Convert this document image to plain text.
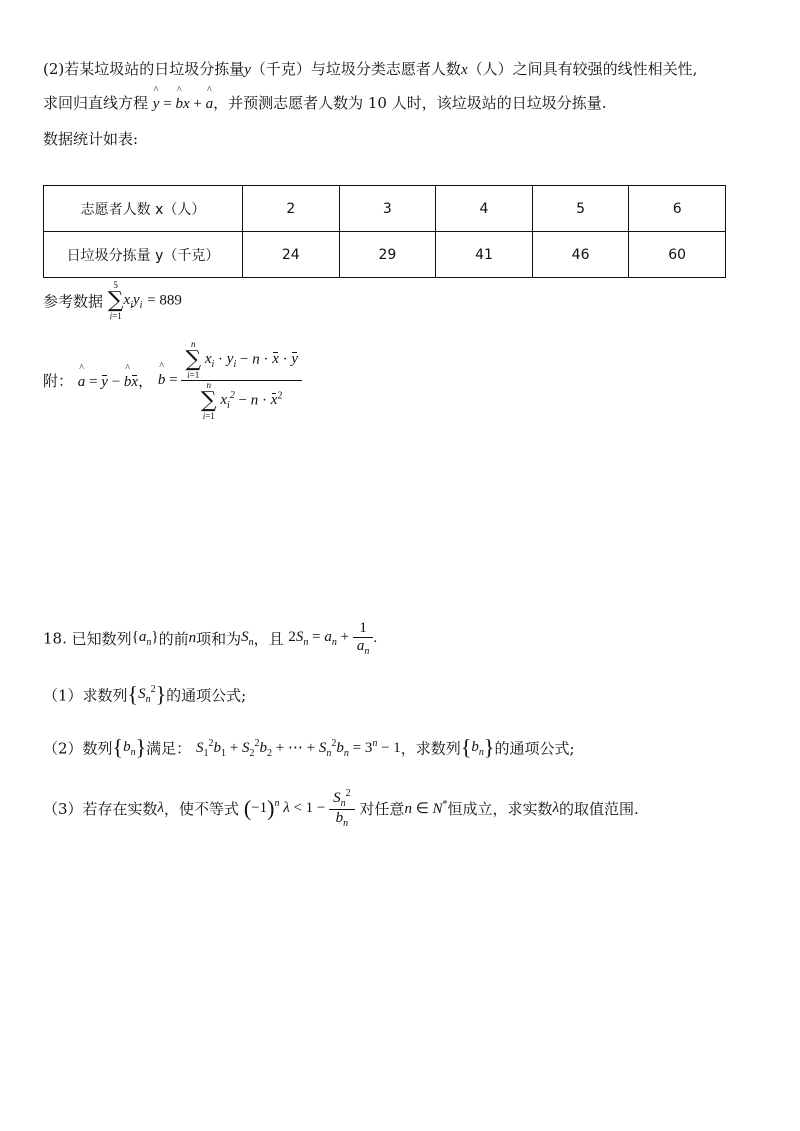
(2)若某垃圾站的日垃圾分拣量y（千克）与垃圾分类志愿者人数x（人）之间具有较强的线性相关性,
求回归直线方程 ^ y = ^ bx + ^ a，并预测志愿者人数为 10 人时，该垃圾站的日垃圾分拣量.
数据统计如表:
志愿者人数 x（人）	2	3	4	5	6
日垃圾分拣量 y（千克）	24	29	41	46	60
参考数据
5
∑
i=1
$x_iy_i = 889$
附： ^ a = y − ^ bx， ^ b = n
∑
i=1
$x_i \cdot y_i - n \cdot x \cdot y$
n
∑
i=1
$x_i^2 - n \cdot x^2$
18. 已知数列$\{a_n\}$的前n项和为$S_n$，且 $2S_n = a_n + \frac{1}{a_n}$ .
（1）求数列$\{S_n^2\}$的通项公式;
（2）数列$\{b_n\}$满足： $S_1^2b_1 + S_2^2b_2$ + ⋯ + $S_n^2b_n = 3^n - 1$，求数列$\{b_n\}$的通项公式;
（3）若存在实数λ，使不等式 $(-1)^n$ $\lambda < 1 - \frac{S_n^2}{b_n}$ 对任意n ∈ N*恒成立，求实数λ的取值范围.
